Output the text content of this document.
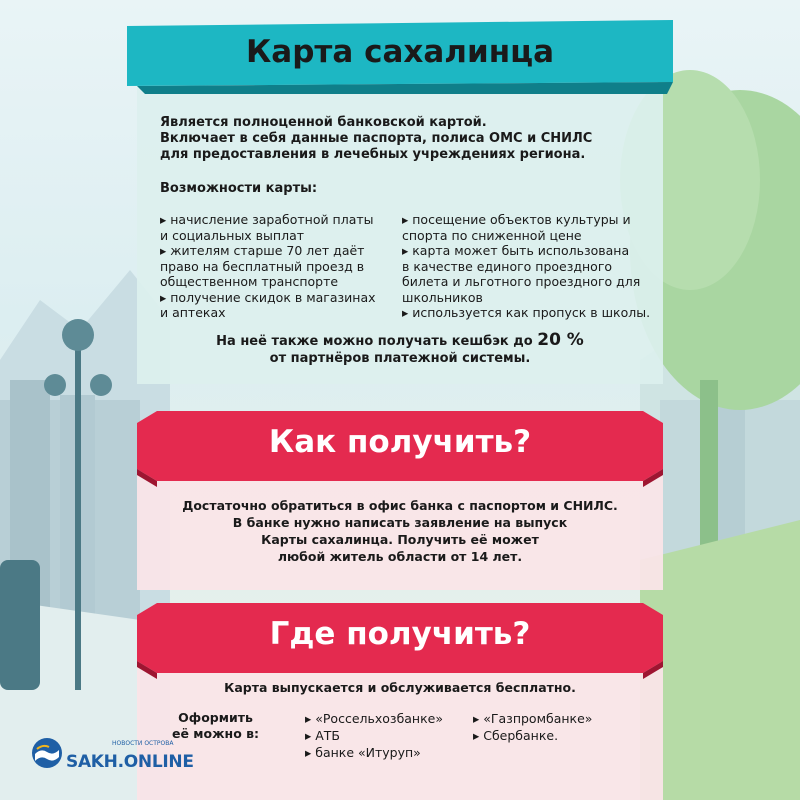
Карта сахалинца
Является полноценной банковской картой.
Включает в себя данные паспорта, полиса ОМС и СНИЛС
для предоставления в лечебных учреждениях региона.
Возможности карты:
▸ начисление заработной платы
и социальных выплат
▸ жителям старше 70 лет даёт
право на бесплатный проезд в
общественном транспорте
▸ получение скидок в магазинах
и аптеках
▸ посещение объектов культуры и
спорта по сниженной цене
▸ карта может быть использована
в качестве единого проездного
билета и льготного проездного для
школьников
▸ используется как пропуск в школы.
На неё также можно получать кешбэк до 20 %
от партнёров платежной системы.
Как получить?
Достаточно обратиться в офис банка с паспортом и СНИЛС.
В банке нужно написать заявление на выпуск
Карты сахалинца. Получить её может
любой житель области от 14 лет.
Где получить?
Карта выпускается и обслуживается бесплатно.
Оформить
её можно в:
▸ «Россельхозбанке»
▸ АТБ
▸ банке «Итуруп»
▸ «Газпромбанке»
▸ Сбербанке.
НОВОСТИ ОСТРОВА
SAKH.ONLINE
